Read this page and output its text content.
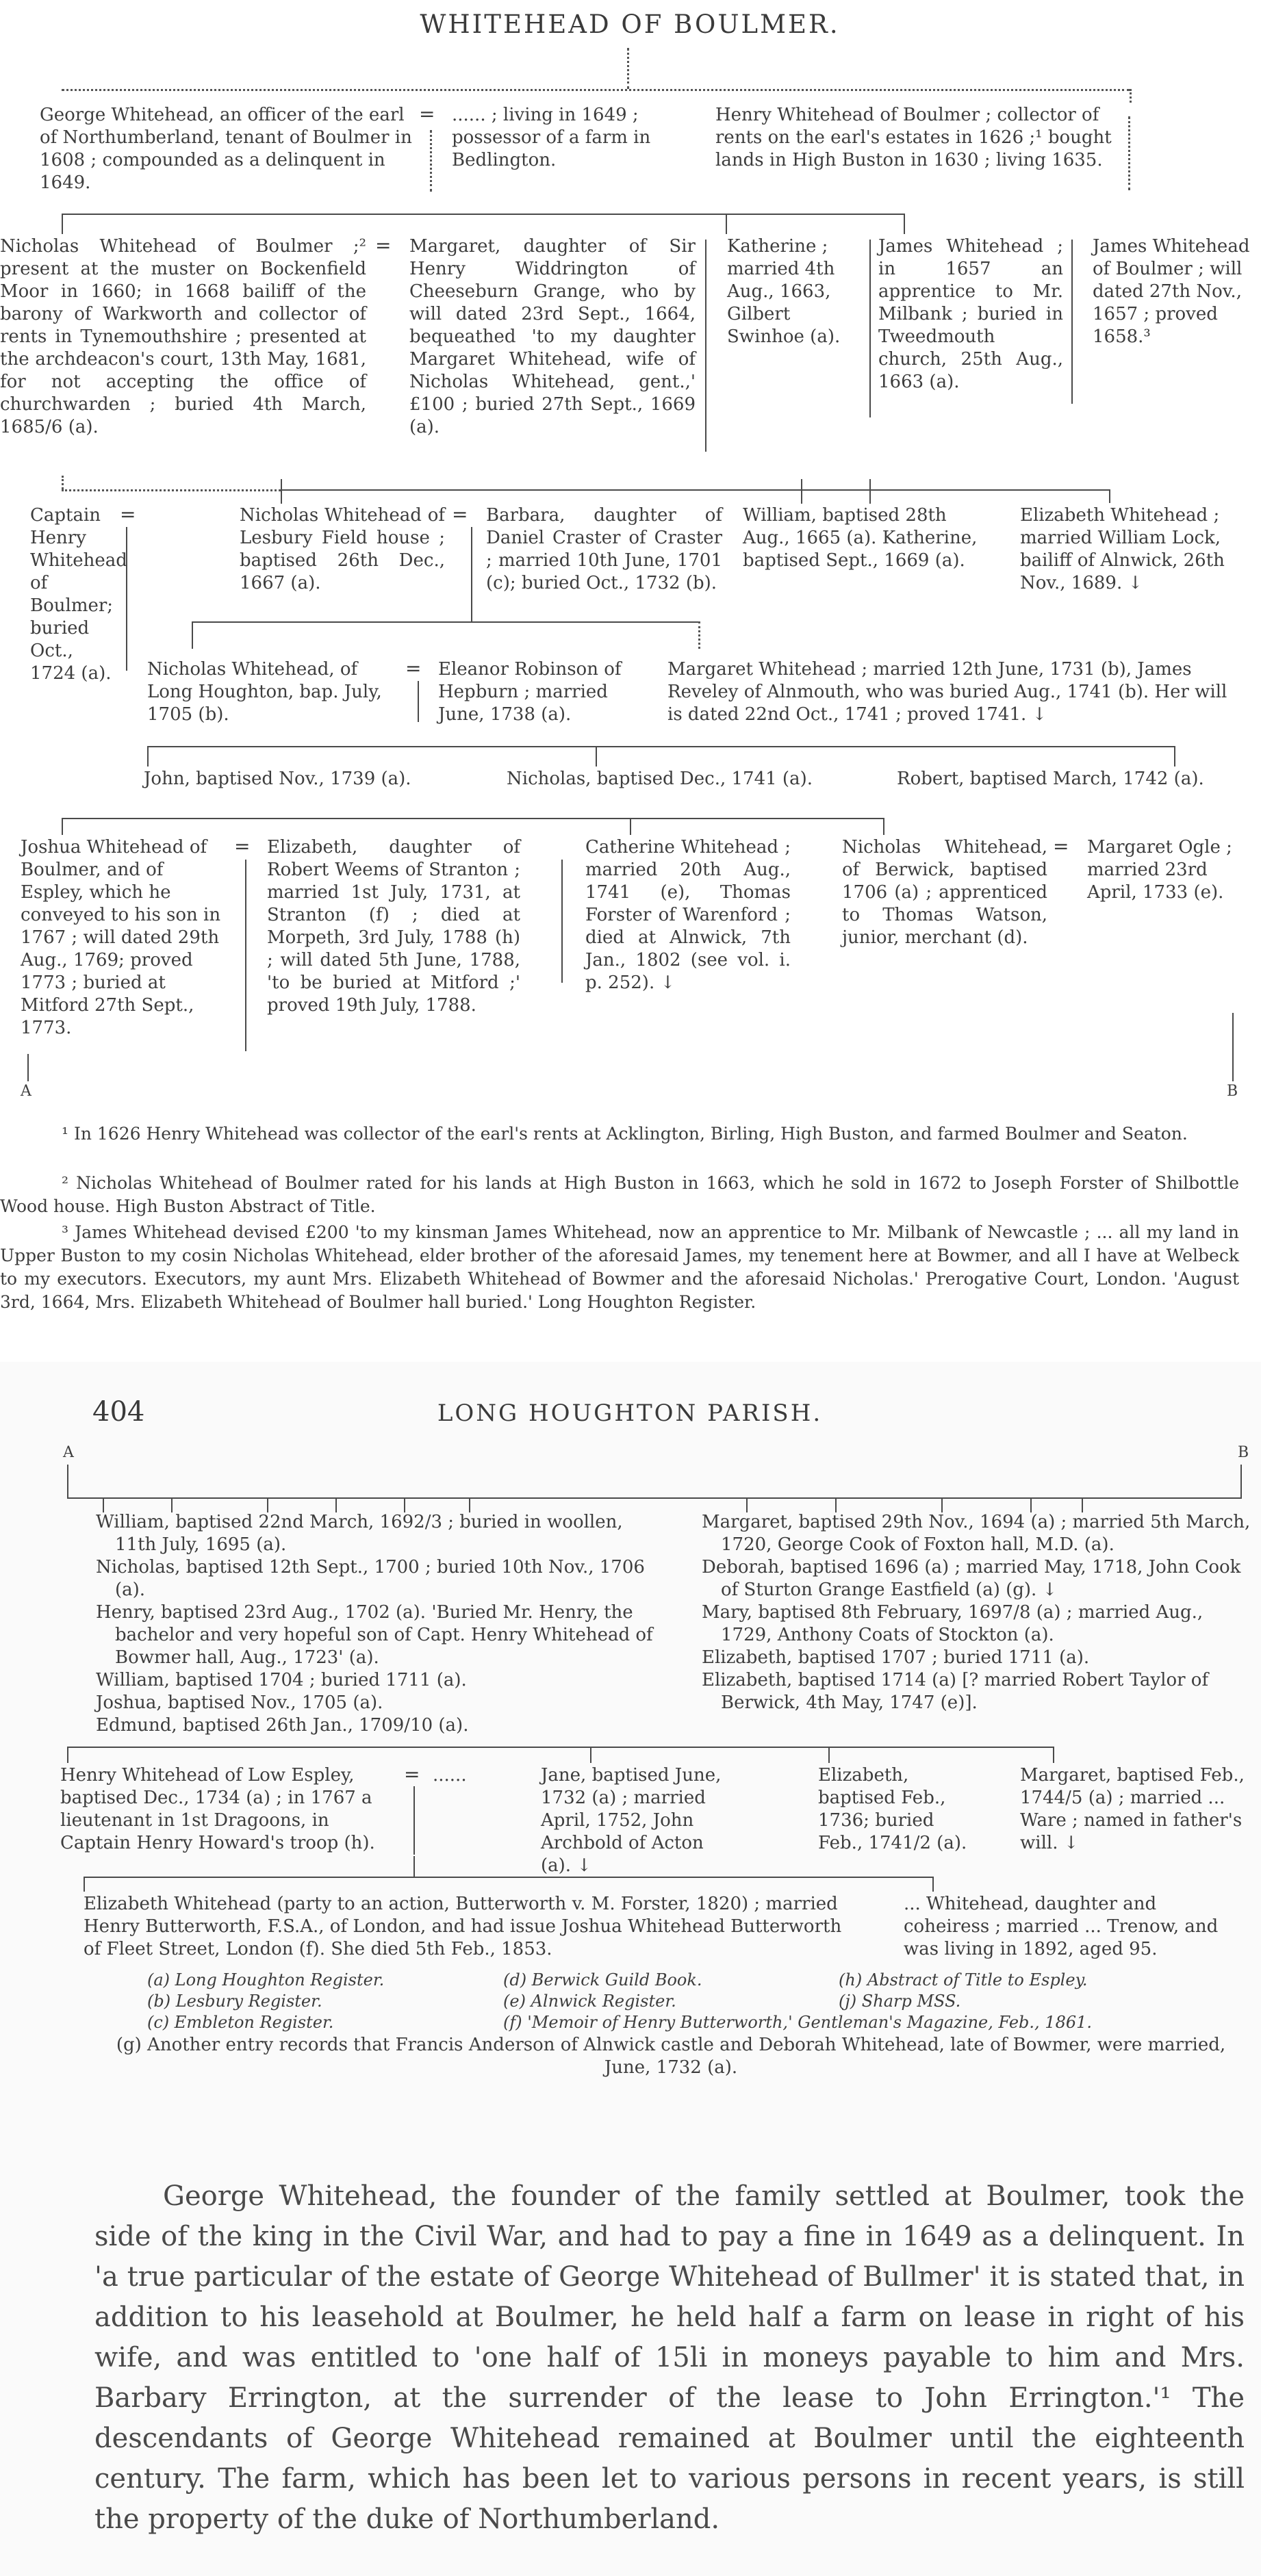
WHITEHEAD OF BOULMER.
George Whitehead, an officer of the earl of Northumberland, tenant of Boulmer in 1608 ; compounded as a delinquent in 1649.
= ...... ; living in 1649 ; possessor of a farm in Bedlington.
Henry Whitehead of Boulmer ; collector of rents on the earl's estates in 1626 ;¹ bought lands in High Buston in 1630 ; living 1635.
Nicholas Whitehead of Boulmer ;² present at the muster on Bockenfield Moor in 1660; in 1668 bailiff of the barony of Warkworth and collector of rents in Tynemouthshire ; presented at the archdeacon's court, 13th May, 1681, for not accepting the office of churchwarden ; buried 4th March, 1685/6 (a).
= Margaret, daughter of Sir Henry Widdrington of Cheeseburn Grange, who by will dated 23rd Sept., 1664, bequeathed 'to my daughter Margaret Whitehead, wife of Nicholas Whitehead, gent.,' £100 ; buried 27th Sept., 1669 (a).
Katherine ; married 4th Aug., 1663, Gilbert Swinhoe (a).
James Whitehead ; in 1657 an apprentice to Mr. Milbank ; buried in Tweedmouth church, 25th Aug., 1663 (a).
James Whitehead of Boulmer ; will dated 27th Nov., 1657 ; proved 1658.³
Captain Henry Whitehead of Boulmer; buried Oct., 1724 (a).
=	Nicholas Whitehead of Lesbury Field house ; baptised 26th Dec., 1667 (a).
= Barbara, daughter of Daniel Craster of Craster ; married 10th June, 1701 (c); buried Oct., 1732 (b).
William, baptised 28th Aug., 1665 (a). Katherine, baptised Sept., 1669 (a).
Elizabeth Whitehead ; married William Lock, bailiff of Alnwick, 26th Nov., 1689. ↓
Nicholas Whitehead, of Long Houghton, bap. July, 1705 (b).
= Eleanor Robinson of Hepburn ; married June, 1738 (a).
Margaret Whitehead ; married 12th June, 1731 (b), James Reveley of Alnmouth, who was buried Aug., 1741 (b). Her will is dated 22nd Oct., 1741 ; proved 1741. ↓
John, baptised Nov., 1739 (a).	Nicholas, baptised Dec., 1741 (a).	Robert, baptised March, 1742 (a).
Joshua Whitehead of Boulmer, and of Espley, which he conveyed to his son in 1767 ; will dated 29th Aug., 1769; proved 1773 ; buried at Mitford 27th Sept., 1773.
= Elizabeth, daughter of Robert Weems of Stranton ; married 1st July, 1731, at Stranton (f) ; died at Morpeth, 3rd July, 1788 (h) ; will dated 5th June, 1788, 'to be buried at Mitford ;' proved 19th July, 1788.
Catherine Whitehead ; married 20th Aug., 1741 (e), Thomas Forster of Warenford ; died at Alnwick, 7th Jan., 1802 (see vol. i. p. 252). ↓
Nicholas Whitehead, of Berwick, baptised 1706 (a) ; apprenticed to Thomas Watson, junior, merchant (d).
= Margaret Ogle ; married 23rd April, 1733 (e).
A	B
¹ In 1626 Henry Whitehead was collector of the earl's rents at Acklington, Birling, High Buston, and farmed Boulmer and Seaton.
² Nicholas Whitehead of Boulmer rated for his lands at High Buston in 1663, which he sold in 1672 to Joseph Forster of Shilbottle Wood house. High Buston Abstract of Title.
³ James Whitehead devised £200 'to my kinsman James Whitehead, now an apprentice to Mr. Milbank of Newcastle ; ... all my land in Upper Buston to my cosin Nicholas Whitehead, elder brother of the aforesaid James, my tenement here at Bowmer, and all I have at Welbeck to my executors. Executors, my aunt Mrs. Elizabeth Whitehead of Bowmer and the aforesaid Nicholas.' Prerogative Court, London. 'August 3rd, 1664, Mrs. Elizabeth Whitehead of Boulmer hall buried.' Long Houghton Register.
404	LONG HOUGHTON PARISH.
A	B
William, baptised 22nd March, 1692/3 ; buried in woollen, 11th July, 1695 (a).
Nicholas, baptised 12th Sept., 1700 ; buried 10th Nov., 1706 (a).
Henry, baptised 23rd Aug., 1702 (a). 'Buried Mr. Henry, the bachelor and very hopeful son of Capt. Henry Whitehead of Bowmer hall, Aug., 1723' (a).
William, baptised 1704 ; buried 1711 (a).
Joshua, baptised Nov., 1705 (a).
Edmund, baptised 26th Jan., 1709/10 (a).
Margaret, baptised 29th Nov., 1694 (a) ; married 5th March, 1720, George Cook of Foxton hall, M.D. (a).
Deborah, baptised 1696 (a) ; married May, 1718, John Cook of Sturton Grange Eastfield (a) (g). ↓
Mary, baptised 8th February, 1697/8 (a) ; married Aug., 1729, Anthony Coats of Stockton (a).
Elizabeth, baptised 1707 ; buried 1711 (a).
Elizabeth, baptised 1714 (a) [? married Robert Taylor of Berwick, 4th May, 1747 (e)].
Henry Whitehead of Low Espley, baptised Dec., 1734 (a) ; in 1767 a lieutenant in 1st Dragoons, in Captain Henry Howard's troop (h).
= ......	Jane, baptised June, 1732 (a) ; married April, 1752, John Archbold of Acton (a). ↓
Elizabeth, baptised Feb., 1736; buried Feb., 1741/2 (a).
Margaret, baptised Feb., 1744/5 (a) ; married ... Ware ; named in father's will. ↓
Elizabeth Whitehead (party to an action, Butterworth v. M. Forster, 1820) ; married Henry Butterworth, F.S.A., of London, and had issue Joshua Whitehead Butterworth of Fleet Street, London (f). She died 5th Feb., 1853.
... Whitehead, daughter and coheiress ; married ... Trenow, and was living in 1892, aged 95.
(a) Long Houghton Register.	(d) Berwick Guild Book.	(h) Abstract of Title to Espley.
(b) Lesbury Register.	(e) Alnwick Register.	(j) Sharp MSS.
(c) Embleton Register.	(f) 'Memoir of Henry Butterworth,' Gentleman's Magazine, Feb., 1861.
(g) Another entry records that Francis Anderson of Alnwick castle and Deborah Whitehead, late of Bowmer, were married, June, 1732 (a).
George Whitehead, the founder of the family settled at Boulmer, took the side of the king in the Civil War, and had to pay a fine in 1649 as a delinquent. In 'a true particular of the estate of George Whitehead of Bullmer' it is stated that, in addition to his leasehold at Boulmer, he held half a farm on lease in right of his wife, and was entitled to 'one half of 15li in moneys payable to him and Mrs. Barbary Errington, at the surrender of the lease to John Errington.'¹ The descendants of George Whitehead remained at Boulmer until the eighteenth century. The farm, which has been let to various persons in recent years, is still the property of the duke of Northumberland.
